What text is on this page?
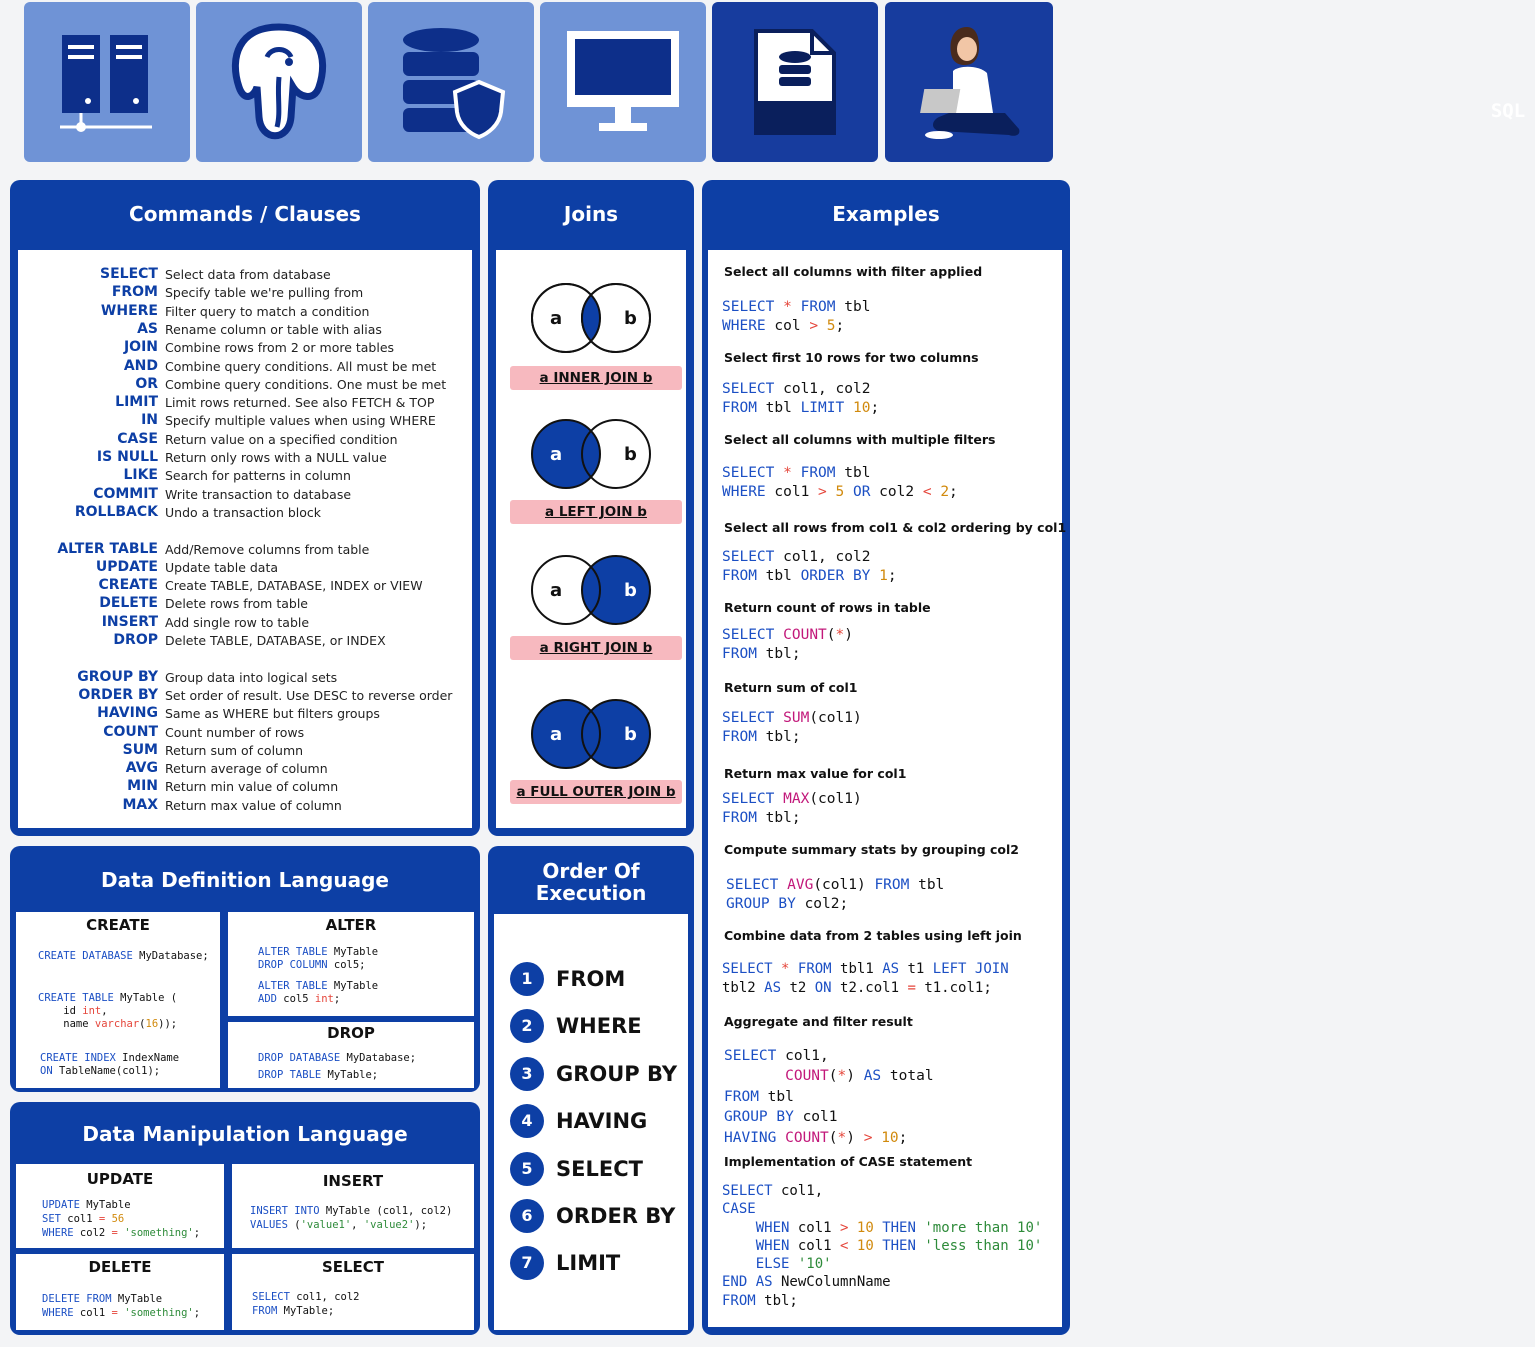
SQL
Commands / Clauses
SELECT Select data from database
FROM Specify table we're pulling from
WHERE Filter query to match a condition
AS Rename column or table with alias
JOIN Combine rows from 2 or more tables
AND Combine query conditions. All must be met
OR Combine query conditions. One must be met
LIMIT Limit rows returned. See also FETCH & TOP
IN Specify multiple values when using WHERE
CASE Return value on a specified condition
IS NULL Return only rows with a NULL value
LIKE Search for patterns in column
COMMIT Write transaction to database
ROLLBACK Undo a transaction block
ALTER TABLE Add/Remove columns from table
UPDATE Update table data
CREATE Create TABLE, DATABASE, INDEX or VIEW
DELETE Delete rows from table
INSERT Add single row to table
DROP Delete TABLE, DATABASE, or INDEX
GROUP BY Group data into logical sets
ORDER BY Set order of result. Use DESC to reverse order
HAVING Same as WHERE but filters groups
COUNT Count number of rows
SUM Return sum of column
AVG Return average of column
MIN Return min value of column
MAX Return max value of column
Joins
a	b
a INNER JOIN b
a	b
a LEFT JOIN b
a	b
a RIGHT JOIN b
a	b
a FULL OUTER JOIN b
Examples
Select all columns with filter applied
SELECT * FROM tbl
WHERE col > 5;
Select first 10 rows for two columns
SELECT col1, col2
FROM tbl LIMIT 10;
Select all columns with multiple filters
SELECT * FROM tbl
WHERE col1 > 5 OR col2 < 2;
Select all rows from col1 & col2 ordering by col1
SELECT col1, col2
FROM tbl ORDER BY 1;
Return count of rows in table
SELECT COUNT(*)
FROM tbl;
Return sum of col1
SELECT SUM(col1)
FROM tbl;
Return max value for col1
SELECT MAX(col1)
FROM tbl;
Compute summary stats by grouping col2
SELECT AVG(col1) FROM tbl
GROUP BY col2;
Combine data from 2 tables using left join
SELECT * FROM tbl1 AS t1 LEFT JOIN
tbl2 AS t2 ON t2.col1 = t1.col1;
Aggregate and filter result
SELECT col1,
COUNT(*) AS total
FROM tbl
GROUP BY col1
HAVING COUNT(*) > 10;
Implementation of CASE statement
SELECT col1,
CASE
WHEN col1 > 10 THEN 'more than 10'
WHEN col1 < 10 THEN 'less than 10'
ELSE '10'
END AS NewColumnName
FROM tbl;
Data Definition Language
CREATE
CREATE DATABASE MyDatabase;
CREATE TABLE MyTable (
id int,
name varchar(16));
CREATE INDEX IndexName
ON TableName(col1);
ALTER
ALTER TABLE MyTable
DROP COLUMN col5;
ALTER TABLE MyTable
ADD col5 int;
DROP
DROP DATABASE MyDatabase;
DROP TABLE MyTable;
Data Manipulation Language
UPDATE
UPDATE MyTable
SET col1 = 56
WHERE col2 = 'something';
INSERT
INSERT INTO MyTable (col1, col2)
VALUES ('value1', 'value2');
DELETE
DELETE FROM MyTable
WHERE col1 = 'something';
SELECT
SELECT col1, col2
FROM MyTable;
Order Of
Execution
1	FROM
2	WHERE
3	GROUP BY
4	HAVING
5	SELECT
6	ORDER BY
7	LIMIT
